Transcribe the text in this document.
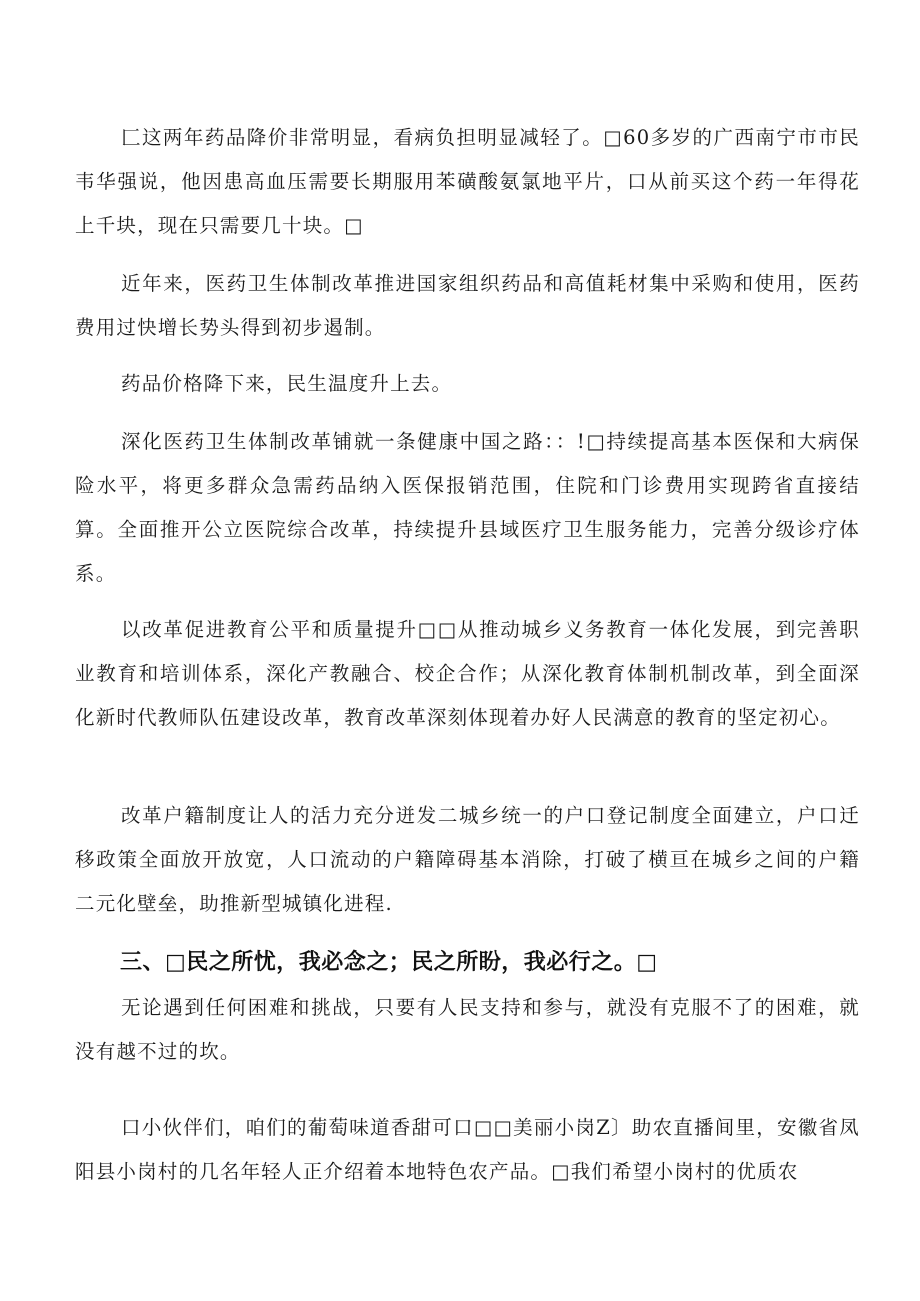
匚这两年药品降价非常明显，看病负担明显减轻了。□60多岁的广西南宁市市民韦华强说，他因患高血压需要长期服用苯磺酸氨氯地平片，口从前买这个药一年得花上千块，现在只需要几十块。□

近年来，医药卫生体制改革推进国家组织药品和高值耗材集中采购和使用，医药费用过快增长势头得到初步遏制。

药品价格降下来，民生温度升上去。

深化医药卫生体制改革铺就一条健康中国之路：：!□持续提高基本医保和大病保险水平，将更多群众急需药品纳入医保报销范围，住院和门诊费用实现跨省直接结算。全面推开公立医院综合改革，持续提升县域医疗卫生服务能力，完善分级诊疗体系。

以改革促进教育公平和质量提升□□从推动城乡义务教育一体化发展，到完善职业教育和培训体系，深化产教融合、校企合作；从深化教育体制机制改革，到全面深化新时代教师队伍建设改革，教育改革深刻体现着办好人民满意的教育的坚定初心。

改革户籍制度让人的活力充分迸发二城乡统一的户口登记制度全面建立，户口迁移政策全面放开放宽，人口流动的户籍障碍基本消除，打破了横亘在城乡之间的户籍二元化壁垒，助推新型城镇化进程.

三、□民之所忧，我必念之；民之所盼，我必行之。□

无论遇到任何困难和挑战，只要有人民支持和参与，就没有克服不了的困难，就没有越不过的坎。

口小伙伴们，咱们的葡萄味道香甜可口□□美丽小岗Z〕助农直播间里，安徽省凤阳县小岗村的几名年轻人正介绍着本地特色农产品。□我们希望小岗村的优质农
